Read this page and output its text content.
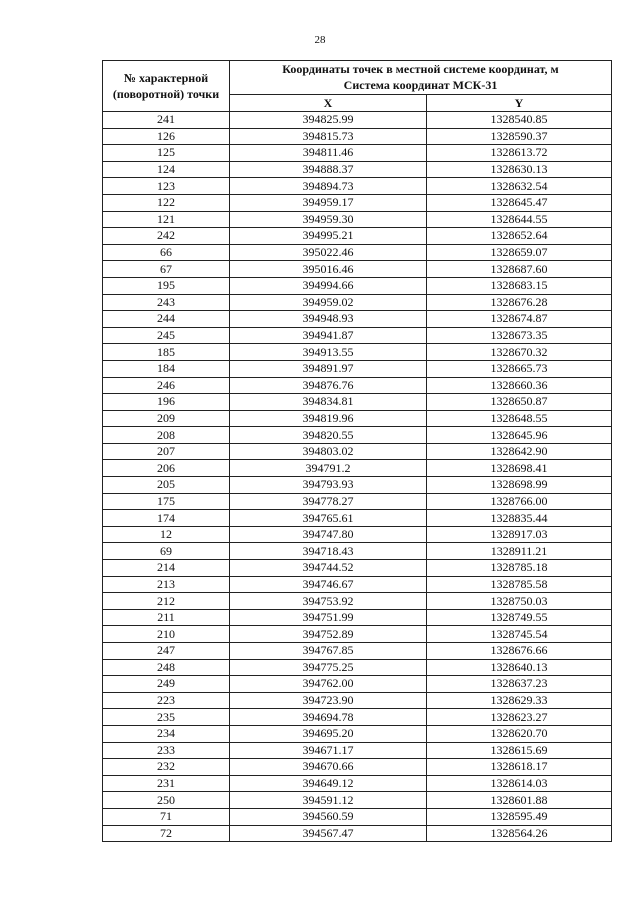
28
№ характерной (поворотной) точки	Координаты точек в местной системе координат, м
Система координат МСК-31	

	X	Y
241	394825.99	1328540.85
126	394815.73	1328590.37
125	394811.46	1328613.72
124	394888.37	1328630.13
123	394894.73	1328632.54
122	394959.17	1328645.47
121	394959.30	1328644.55
242	394995.21	1328652.64
66	395022.46	1328659.07
67	395016.46	1328687.60
195	394994.66	1328683.15
243	394959.02	1328676.28
244	394948.93	1328674.87
245	394941.87	1328673.35
185	394913.55	1328670.32
184	394891.97	1328665.73
246	394876.76	1328660.36
196	394834.81	1328650.87
209	394819.96	1328648.55
208	394820.55	1328645.96
207	394803.02	1328642.90
206	394791.2	1328698.41
205	394793.93	1328698.99
175	394778.27	1328766.00
174	394765.61	1328835.44
12	394747.80	1328917.03
69	394718.43	1328911.21
214	394744.52	1328785.18
213	394746.67	1328785.58
212	394753.92	1328750.03
211	394751.99	1328749.55
210	394752.89	1328745.54
247	394767.85	1328676.66
248	394775.25	1328640.13
249	394762.00	1328637.23
223	394723.90	1328629.33
235	394694.78	1328623.27
234	394695.20	1328620.70
233	394671.17	1328615.69
232	394670.66	1328618.17
231	394649.12	1328614.03
250	394591.12	1328601.88
71	394560.59	1328595.49
72	394567.47	1328564.26
